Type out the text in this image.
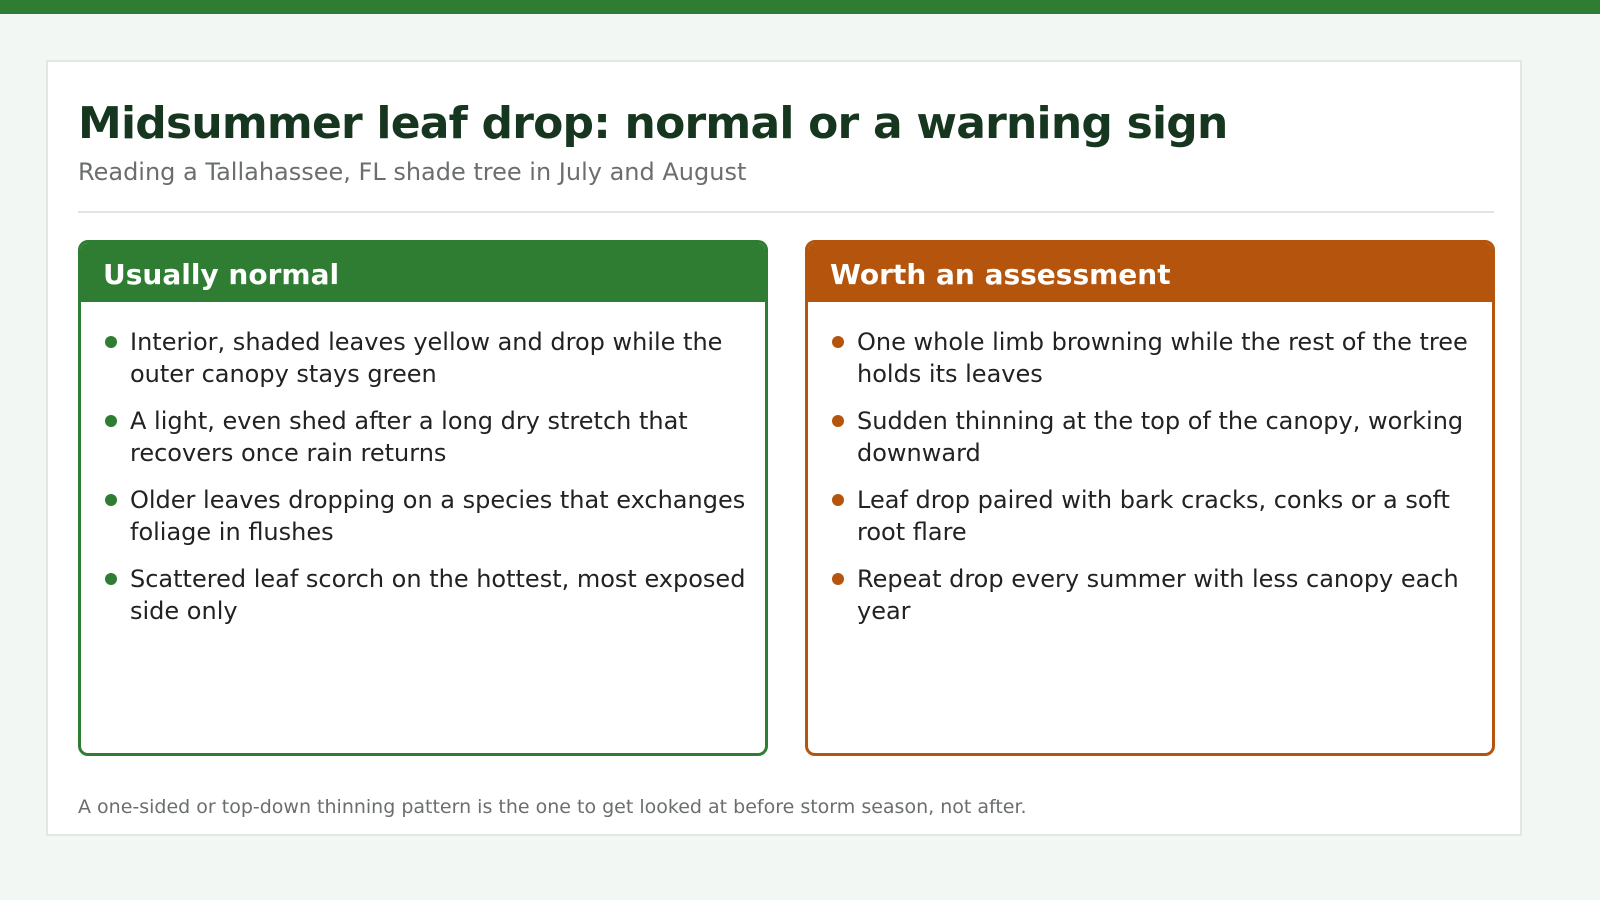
Midsummer leaf drop: normal or a warning sign

Reading a Tallahassee, FL shade tree in July and August

Usually normal
Interior, shaded leaves yellow and drop while the outer canopy stays green
A light, even shed after a long dry stretch that recovers once rain returns
Older leaves dropping on a species that exchanges foliage in flushes
Scattered leaf scorch on the hottest, most exposed side only
Worth an assessment
One whole limb browning while the rest of the tree holds its leaves
Sudden thinning at the top of the canopy, working downward
Leaf drop paired with bark cracks, conks or a soft root flare
Repeat drop every summer with less canopy each year

A one-sided or top-down thinning pattern is the one to get looked at before storm season, not after.
